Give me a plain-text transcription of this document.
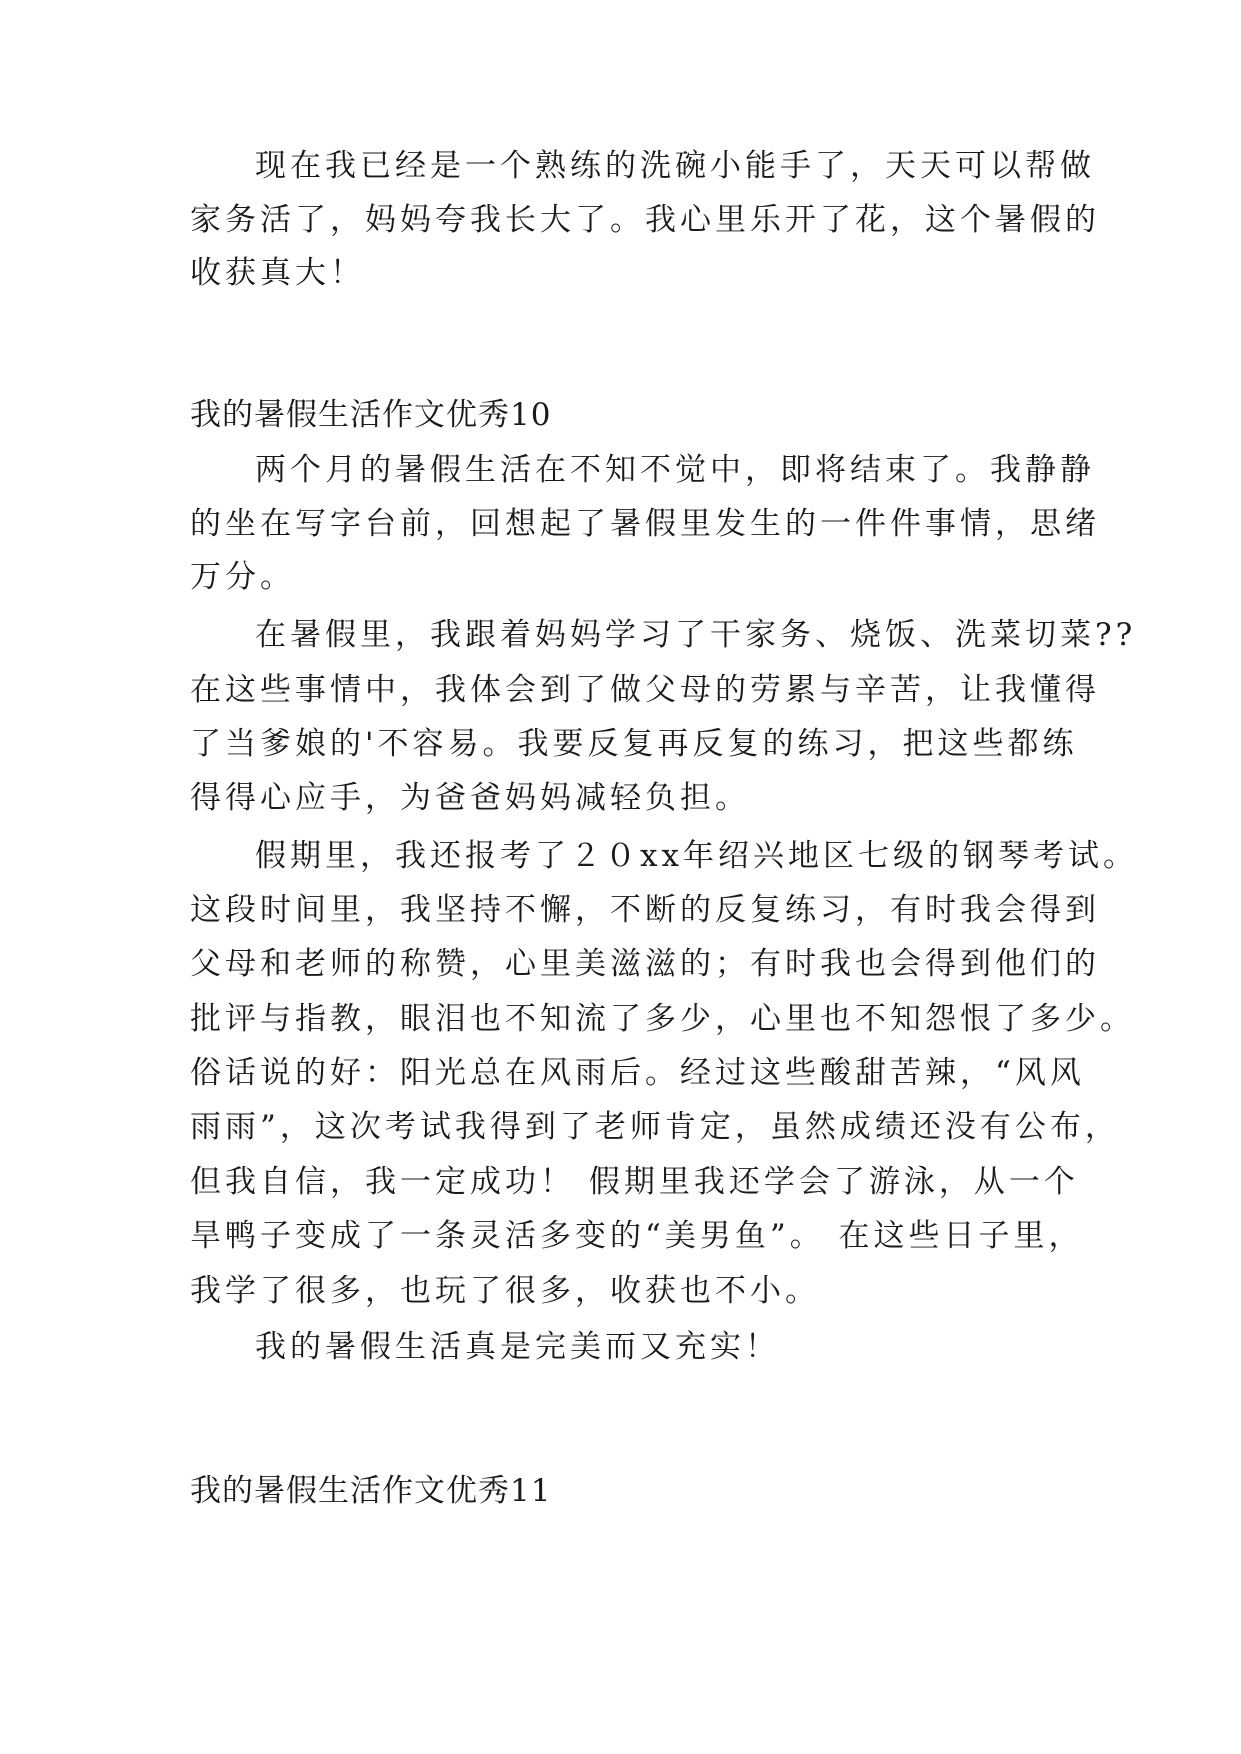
现在我已经是一个熟练的洗碗小能手了，天天可以帮做
家务活了，妈妈夸我长大了。我心里乐开了花，这个暑假的
收获真大！
我的暑假生活作文优秀10
两个月的暑假生活在不知不觉中，即将结束了。我静静
的坐在写字台前，回想起了暑假里发生的一件件事情，思绪
万分。
在暑假里，我跟着妈妈学习了干家务、烧饭、洗菜切菜??
在这些事情中，我体会到了做父母的劳累与辛苦，让我懂得
了当爹娘的'不容易。我要反复再反复的练习，把这些都练
得得心应手，为爸爸妈妈减轻负担。
假期里，我还报考了２０xx年绍兴地区七级的钢琴考试。
这段时间里，我坚持不懈，不断的反复练习，有时我会得到
父母和老师的称赞，心里美滋滋的；有时我也会得到他们的
批评与指教，眼泪也不知流了多少，心里也不知怨恨了多少。
俗话说的好：阳光总在风雨后。经过这些酸甜苦辣，“风风
雨雨”，这次考试我得到了老师肯定，虽然成绩还没有公布，
但我自信，我一定成功！ 假期里我还学会了游泳，从一个
旱鸭子变成了一条灵活多变的“美男鱼”。 在这些日子里，
我学了很多，也玩了很多，收获也不小。
我的暑假生活真是完美而又充实！
我的暑假生活作文优秀11
